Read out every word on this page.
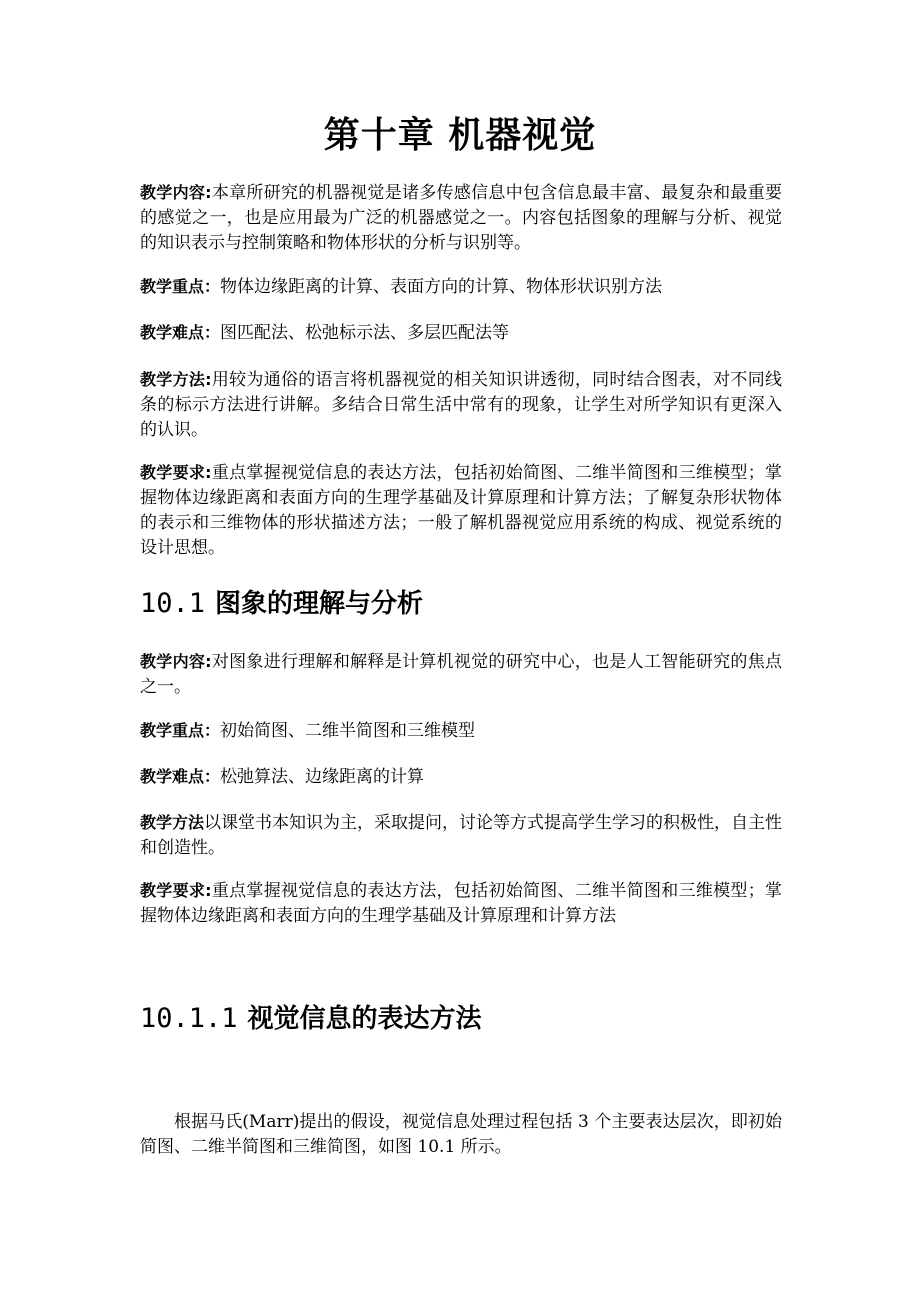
第十章 机器视觉

教学内容:本章所研究的机器视觉是诸多传感信息中包含信息最丰富、最复杂和最重要的感觉之一，也是应用最为广泛的机器感觉之一。内容包括图象的理解与分析、视觉的知识表示与控制策略和物体形状的分析与识别等。

教学重点：物体边缘距离的计算、表面方向的计算、物体形状识别方法

教学难点：图匹配法、松弛标示法、多层匹配法等

教学方法:用较为通俗的语言将机器视觉的相关知识讲透彻，同时结合图表，对不同线条的标示方法进行讲解。多结合日常生活中常有的现象，让学生对所学知识有更深入的认识。

教学要求:重点掌握视觉信息的表达方法，包括初始简图、二维半简图和三维模型；掌握物体边缘距离和表面方向的生理学基础及计算原理和计算方法；了解复杂形状物体的表示和三维物体的形状描述方法；一般了解机器视觉应用系统的构成、视觉系统的设计思想。

10.1 图象的理解与分析

教学内容:对图象进行理解和解释是计算机视觉的研究中心，也是人工智能研究的焦点之一。

教学重点：初始简图、二维半简图和三维模型

教学难点：松弛算法、边缘距离的计算

教学方法以课堂书本知识为主，采取提问，讨论等方式提高学生学习的积极性，自主性和创造性。

教学要求:重点掌握视觉信息的表达方法，包括初始简图、二维半简图和三维模型；掌握物体边缘距离和表面方向的生理学基础及计算原理和计算方法

10.1.1 视觉信息的表达方法

根据马氏(Marr)提出的假设，视觉信息处理过程包括 3 个主要表达层次，即初始简图、二维半简图和三维简图，如图 10.1 所示。
